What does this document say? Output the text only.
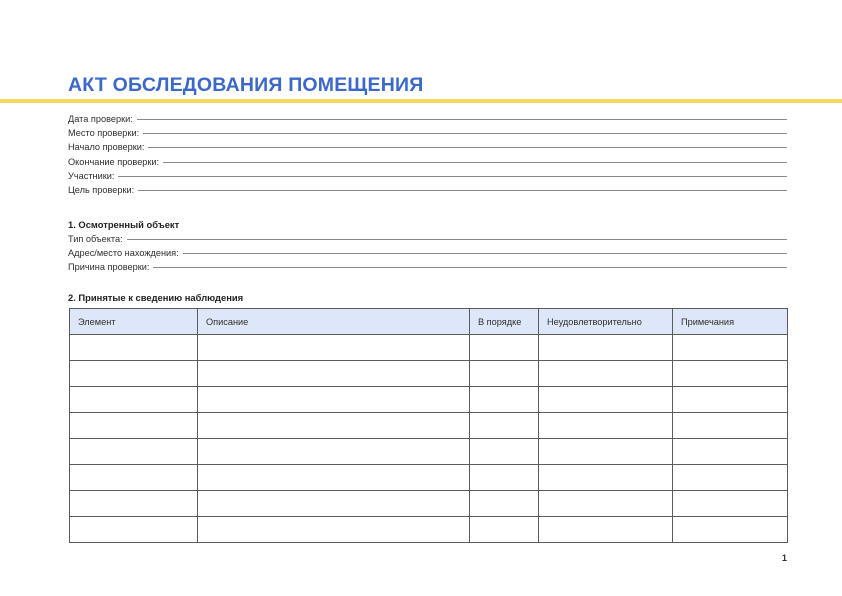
АКТ ОБСЛЕДОВАНИЯ ПОМЕЩЕНИЯ
Дата проверки:
Место проверки:
Начало проверки:
Окончание проверки:
Участники:
Цель проверки:
1. Осмотренный объект
Тип объекта:
Адрес/место нахождения:
Причина проверки:
2. Принятые к сведению наблюдения
Элемент	Описание	В порядке	Неудовлетворительно	Примечания

1
